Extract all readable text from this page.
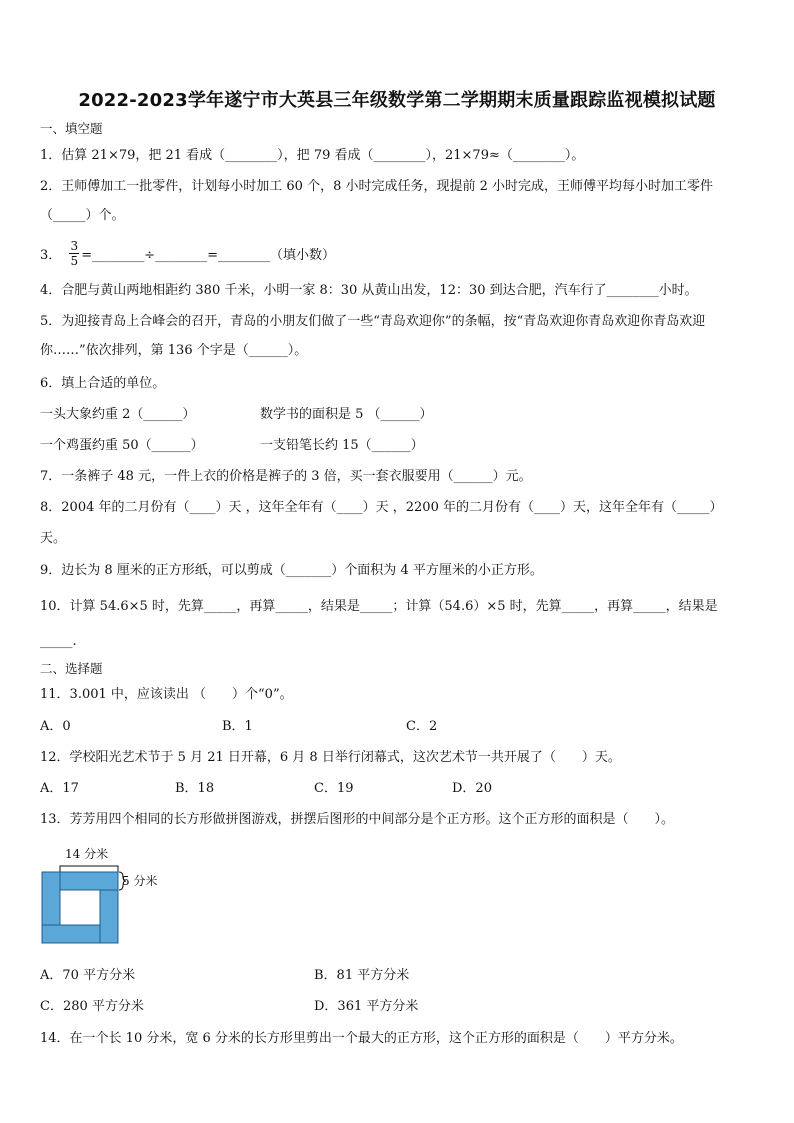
2022-2023学年遂宁市大英县三年级数学第二学期期末质量跟踪监视模拟试题
一、填空题
1．估算 21×79，把 21 看成（________），把 79 看成（________），21×79≈（________）。
2．王师傅加工一批零件，计划每小时加工 60 个，8 小时完成任务，现提前 2 小时完成，王师傅平均每小时加工零件
（_____）个。
3． $\frac{3}{5}$ =________÷________=________（填小数）
4．合肥与黄山两地相距约 380 千米，小明一家 8：30 从黄山出发，12：30 到达合肥，汽车行了________小时。
5．为迎接青岛上合峰会的召开，青岛的小朋友们做了一些“青岛欢迎你”的条幅，按“青岛欢迎你青岛欢迎你青岛欢迎
你……”依次排列，第 136 个字是（______）。
6．填上合适的单位。
一头大象约重 2（______）	数学书的面积是 5 （______）
一个鸡蛋约重 50（______）	一支铅笔长约 15（______）
7．一条裤子 48 元，一件上衣的价格是裤子的 3 倍，买一套衣服要用（______）元。
8．2004 年的二月份有（____）天 ，这年全年有（____）天 ，2200 年的二月份有（____）天，这年全年有（_____）
天。
9．边长为 8 厘米的正方形纸，可以剪成（_______）个面积为 4 平方厘米的小正方形。
10．计算 54.6×5 时，先算_____，再算_____，结果是_____；计算（54.6）×5 时，先算_____，再算_____，结果是
_____.
二、选择题
11．3.001 中，应该读出 （　　）个“0”。
A．0	B．1	C．2
12．学校阳光艺术节于 5 月 21 日开幕，6 月 8 日举行闭幕式，这次艺术节一共开展了（　　）天。
A．17	B．18	C．19	D．20
13．芳芳用四个相同的长方形做拼图游戏，拼摆后图形的中间部分是个正方形。这个正方形的面积是（　　）。
14 分米
5 分米
A．70 平方分米	B．81 平方分米
C．280 平方分米	D．361 平方分米
14．在一个长 10 分米，宽 6 分米的长方形里剪出一个最大的正方形，这个正方形的面积是（　　）平方分米。
